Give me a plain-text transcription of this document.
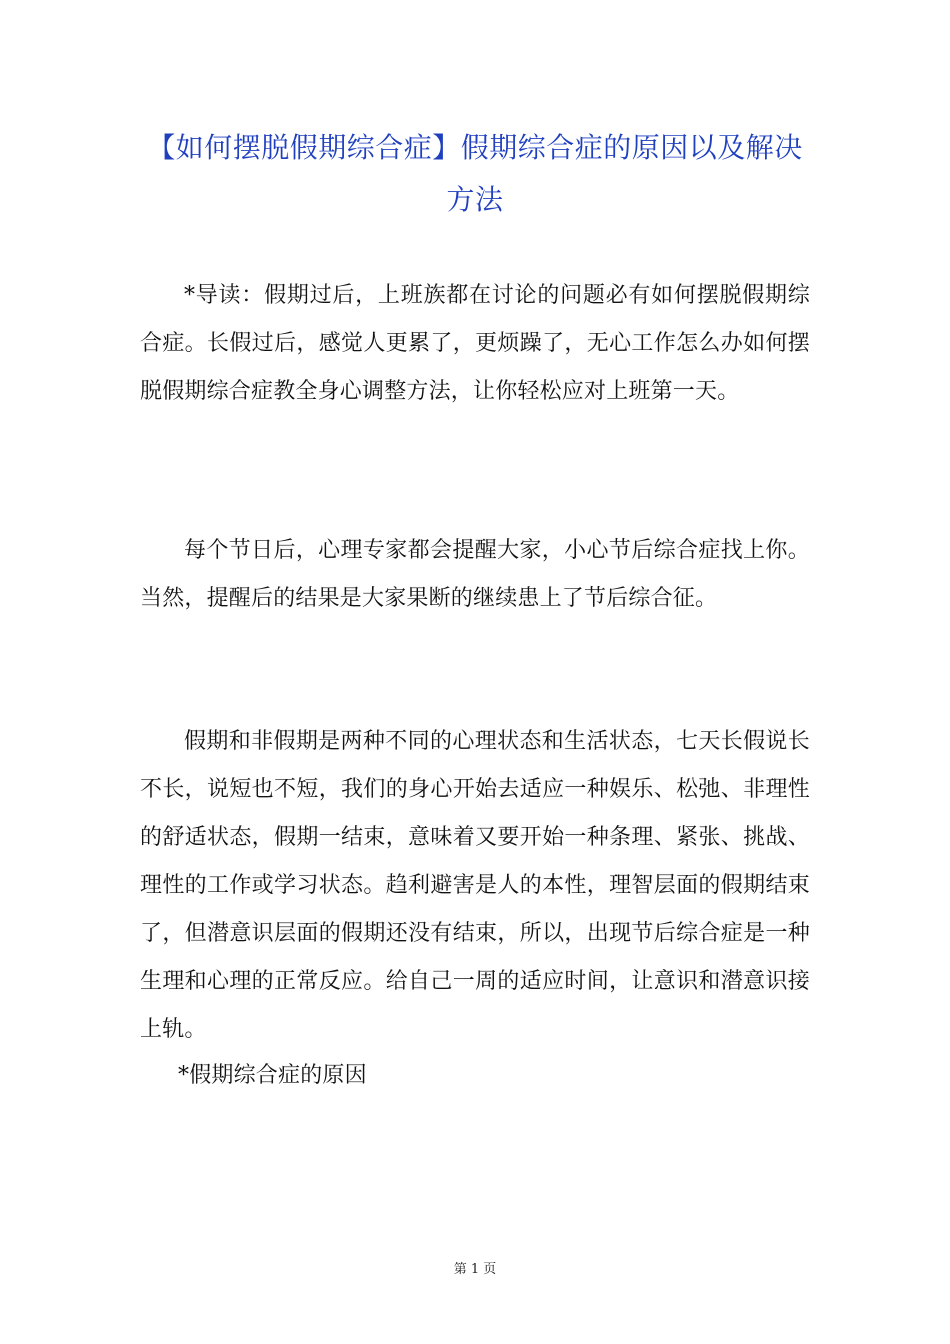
【如何摆脱假期综合症】假期综合症的原因以及解决方法
*导读：假期过后，上班族都在讨论的问题必有如何摆脱假期综合症。长假过后，感觉人更累了，更烦躁了，无心工作怎么办如何摆脱假期综合症教全身心调整方法，让你轻松应对上班第一天。
每个节日后，心理专家都会提醒大家，小心节后综合症找上你。当然，提醒后的结果是大家果断的继续患上了节后综合征。
假期和非假期是两种不同的心理状态和生活状态，七天长假说长不长，说短也不短，我们的身心开始去适应一种娱乐、松弛、非理性的舒适状态，假期一结束，意味着又要开始一种条理、紧张、挑战、理性的工作或学习状态。趋利避害是人的本性，理智层面的假期结束了，但潜意识层面的假期还没有结束，所以，出现节后综合症是一种生理和心理的正常反应。给自己一周的适应时间，让意识和潜意识接上轨。
*假期综合症的原因
第 1 页
